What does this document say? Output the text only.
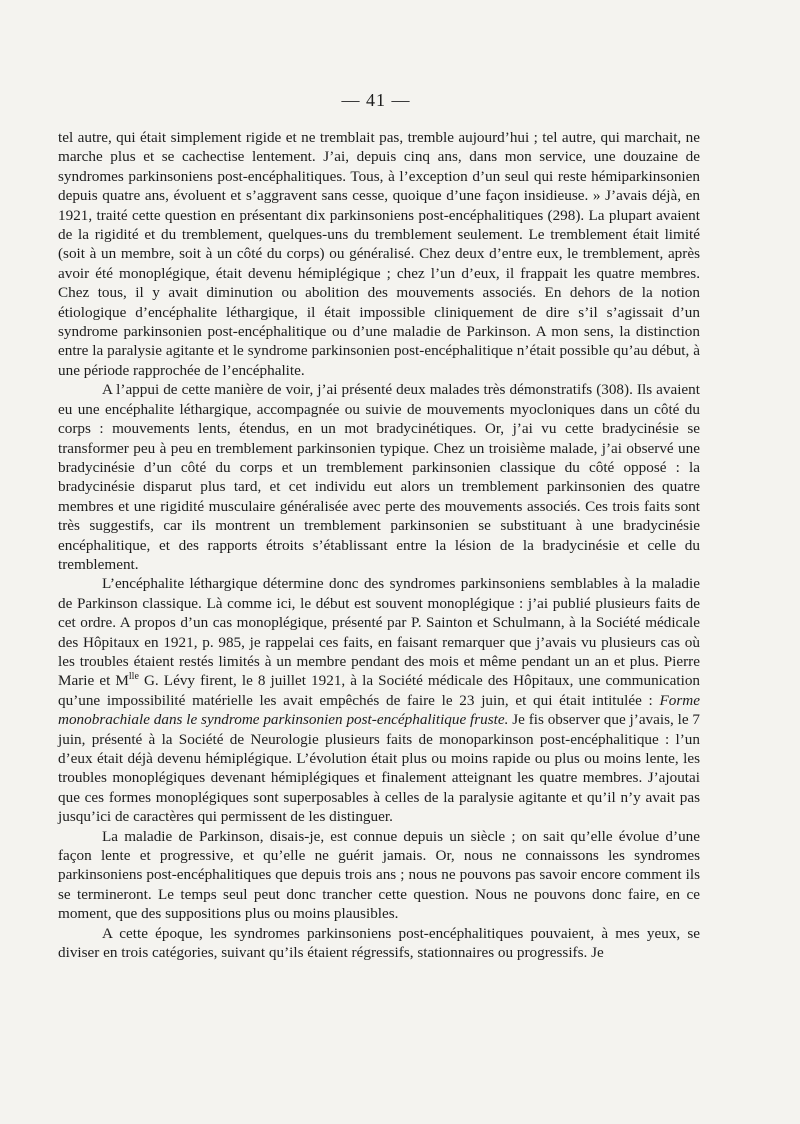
— 41 —

tel autre, qui était simplement rigide et ne tremblait pas, tremble aujourd’hui ; tel autre, qui marchait, ne marche plus et se cachectise lentement. J’ai, depuis cinq ans, dans mon service, une douzaine de syndromes parkinsoniens post-encéphalitiques. Tous, à l’exception d’un seul qui reste hémiparkinsonien depuis quatre ans, évoluent et s’aggravent sans cesse, quoique d’une façon insidieuse. » J’avais déjà, en 1921, traité cette question en présentant dix parkinsoniens post-encéphalitiques (298). La plupart avaient de la rigidité et du tremblement, quelques-uns du tremblement seulement. Le tremblement était limité (soit à un membre, soit à un côté du corps) ou généralisé. Chez deux d’entre eux, le tremblement, après avoir été monoplégique, était devenu hémiplégique ; chez l’un d’eux, il frappait les quatre membres. Chez tous, il y avait diminution ou abolition des mouvements associés. En dehors de la notion étiologique d’encéphalite léthargique, il était impossible cliniquement de dire s’il s’agissait d’un syndrome parkinsonien post-encéphalitique ou d’une maladie de Parkinson. A mon sens, la distinction entre la paralysie agitante et le syndrome parkinsonien post-encéphalitique n’était possible qu’au début, à une période rapprochée de l’encéphalite.

A l’appui de cette manière de voir, j’ai présenté deux malades très démonstratifs (308). Ils avaient eu une encéphalite léthargique, accompagnée ou suivie de mouvements myocloniques dans un côté du corps : mouvements lents, étendus, en un mot bradycinétiques. Or, j’ai vu cette bradycinésie se transformer peu à peu en tremblement parkinsonien typique. Chez un troisième malade, j’ai observé une bradycinésie d’un côté du corps et un tremblement parkinsonien classique du côté opposé : la bradycinésie disparut plus tard, et cet individu eut alors un tremblement parkinsonien des quatre membres et une rigidité musculaire généralisée avec perte des mouvements associés. Ces trois faits sont très suggestifs, car ils montrent un tremblement parkinsonien se substituant à une bradycinésie encéphalitique, et des rapports étroits s’établissant entre la lésion de la bradycinésie et celle du tremblement.

L’encéphalite léthargique détermine donc des syndromes parkinsoniens semblables à la maladie de Parkinson classique. Là comme ici, le début est souvent monoplégique : j’ai publié plusieurs faits de cet ordre. A propos d’un cas monoplégique, présenté par P. Sainton et Schulmann, à la Société médicale des Hôpitaux en 1921, p. 985, je rappelai ces faits, en faisant remarquer que j’avais vu plusieurs cas où les troubles étaient restés limités à un membre pendant des mois et même pendant un an et plus. Pierre Marie et $M^{lle}$ G. Lévy firent, le 8 juillet 1921, à la Société médicale des Hôpitaux, une communication qu’une impossibilité matérielle les avait empêchés de faire le 23 juin, et qui était intitulée : Forme monobrachiale dans le syndrome parkinsonien post-encéphalitique fruste. Je fis observer que j’avais, le 7 juin, présenté à la Société de Neurologie plusieurs faits de monoparkinson post-encéphalitique : l’un d’eux était déjà devenu hémiplégique. L’évolution était plus ou moins rapide ou plus ou moins lente, les troubles monoplégiques devenant hémiplégiques et finalement atteignant les quatre membres. J’ajoutai que ces formes monoplégiques sont superposables à celles de la paralysie agitante et qu’il n’y avait pas jusqu’ici de caractères qui permissent de les distinguer.

La maladie de Parkinson, disais-je, est connue depuis un siècle ; on sait qu’elle évolue d’une façon lente et progressive, et qu’elle ne guérit jamais. Or, nous ne connaissons les syndromes parkinsoniens post-encéphalitiques que depuis trois ans ; nous ne pouvons pas savoir encore comment ils se termineront. Le temps seul peut donc trancher cette question. Nous ne pouvons donc faire, en ce moment, que des suppositions plus ou moins plausibles.

A cette époque, les syndromes parkinsoniens post-encéphalitiques pouvaient, à mes yeux, se diviser en trois catégories, suivant qu’ils étaient régressifs, stationnaires ou progressifs. Je
